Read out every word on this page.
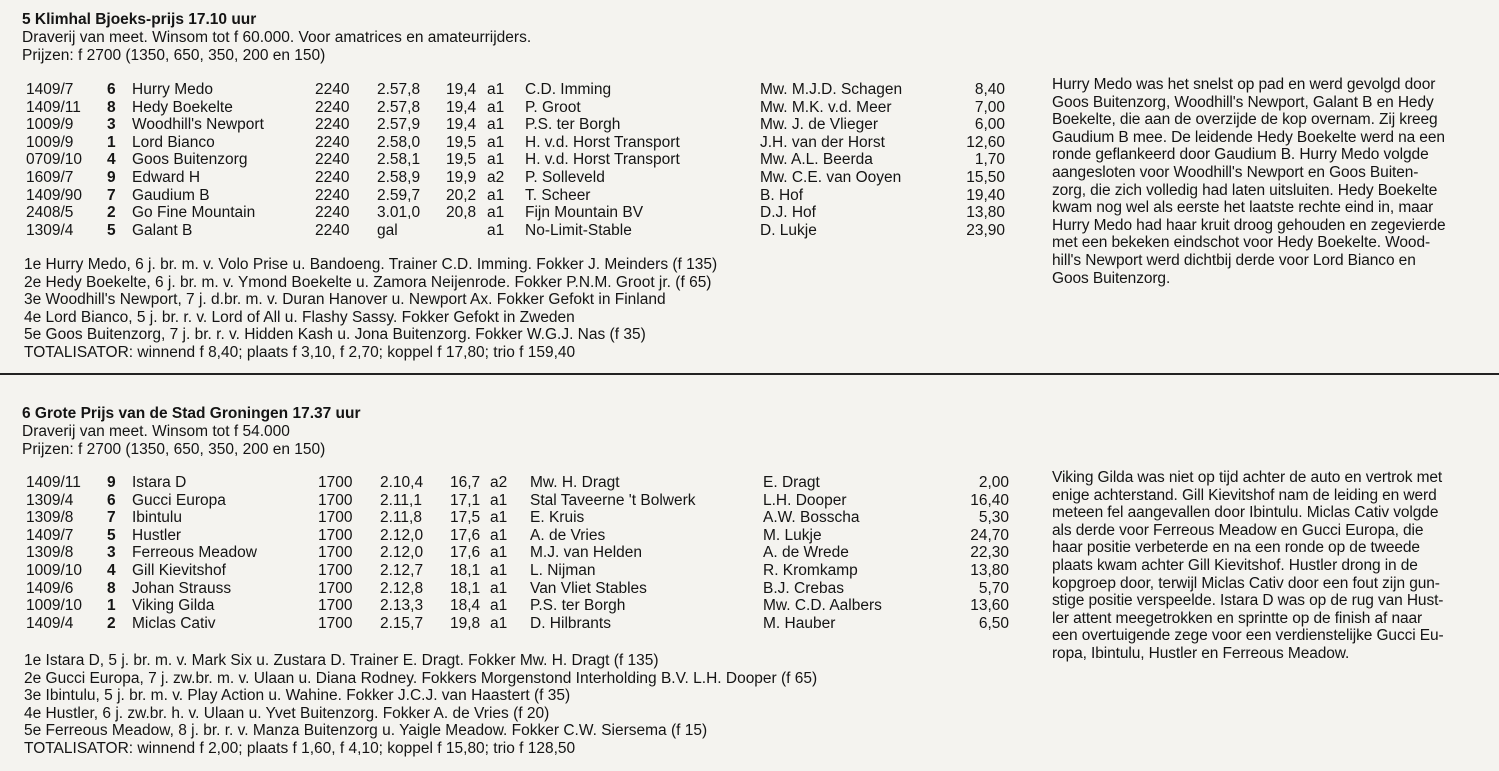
5 Klimhal Bjoeks-prijs 17.10 uur
Draverij van meet. Winsom tot f 60.000. Voor amatrices en amateurrijders.
Prijzen: f 2700 (1350, 650, 350, 200 en 150)
1409/7 6 Hurry Medo	2240 2.57,8 19,4 a1 C.D. Imming	Mw. M.J.D. Schagen	8,40
1409/11 8 Hedy Boekelte	2240 2.57,8 19,4 a1 P. Groot	Mw. M.K. v.d. Meer	7,00
1009/9 3 Woodhill's Newport	2240 2.57,9 19,4 a1 P.S. ter Borgh	Mw. J. de Vlieger	6,00
1009/9 1 Lord Bianco	2240 2.58,0 19,5 a1 H. v.d. Horst Transport	J.H. van der Horst	12,60
0709/10 4 Goos Buitenzorg	2240 2.58,1 19,5 a1 H. v.d. Horst Transport	Mw. A.L. Beerda	1,70
1609/7 9 Edward H	2240 2.58,9 19,9 a2 P. Solleveld	Mw. C.E. van Ooyen	15,50
1409/90 7 Gaudium B	2240 2.59,7 20,2 a1 T. Scheer	B. Hof	19,40
2408/5 2 Go Fine Mountain	2240 3.01,0 20,8 a1 Fijn Mountain BV	D.J. Hof	13,80
1309/4 5 Galant B	2240 gal	a1 No-Limit-Stable	D. Lukje	23,90
Hurry Medo was het snelst op pad en werd gevolgd door
Goos Buitenzorg, Woodhill's Newport, Galant B en Hedy
Boekelte, die aan de overzijde de kop overnam. Zij kreeg
Gaudium B mee. De leidende Hedy Boekelte werd na een
ronde geflankeerd door Gaudium B. Hurry Medo volgde
aangesloten voor Woodhill's Newport en Goos Buiten-
zorg, die zich volledig had laten uitsluiten. Hedy Boekelte
kwam nog wel als eerste het laatste rechte eind in, maar
Hurry Medo had haar kruit droog gehouden en zegevierde
met een bekeken eindschot voor Hedy Boekelte. Wood-
hill's Newport werd dichtbij derde voor Lord Bianco en
Goos Buitenzorg.
1e Hurry Medo, 6 j. br. m. v. Volo Prise u. Bandoeng. Trainer C.D. Imming. Fokker J. Meinders (f 135)
2e Hedy Boekelte, 6 j. br. m. v. Ymond Boekelte u. Zamora Neijenrode. Fokker P.N.M. Groot jr. (f 65)
3e Woodhill's Newport, 7 j. d.br. m. v. Duran Hanover u. Newport Ax. Fokker Gefokt in Finland
4e Lord Bianco, 5 j. br. r. v. Lord of All u. Flashy Sassy. Fokker Gefokt in Zweden
5e Goos Buitenzorg, 7 j. br. r. v. Hidden Kash u. Jona Buitenzorg. Fokker W.G.J. Nas (f 35)
TOTALISATOR: winnend f 8,40; plaats f 3,10, f 2,70; koppel f 17,80; trio f 159,40
6 Grote Prijs van de Stad Groningen 17.37 uur
Draverij van meet. Winsom tot f 54.000
Prijzen: f 2700 (1350, 650, 350, 200 en 150)
1409/11 9 Istara D	1700 2.10,4 16,7 a2 Mw. H. Dragt	E. Dragt	2,00
1309/4 6 Gucci Europa	1700 2.11,1 17,1 a1 Stal Taveerne 't Bolwerk	L.H. Dooper	16,40
1309/8 7 Ibintulu	1700 2.11,8 17,5 a1 E. Kruis	A.W. Bosscha	5,30
1409/7 5 Hustler	1700 2.12,0 17,6 a1 A. de Vries	M. Lukje	24,70
1309/8 3 Ferreous Meadow	1700 2.12,0 17,6 a1 M.J. van Helden	A. de Wrede	22,30
1009/10 4 Gill Kievitshof	1700 2.12,7 18,1 a1 L. Nijman	R. Kromkamp	13,80
1409/6 8 Johan Strauss	1700 2.12,8 18,1 a1 Van Vliet Stables	B.J. Crebas	5,70
1009/10 1 Viking Gilda	1700 2.13,3 18,4 a1 P.S. ter Borgh	Mw. C.D. Aalbers	13,60
1409/4 2 Miclas Cativ	1700 2.15,7 19,8 a1 D. Hilbrants	M. Hauber	6,50
Viking Gilda was niet op tijd achter de auto en vertrok met
enige achterstand. Gill Kievitshof nam de leiding en werd
meteen fel aangevallen door Ibintulu. Miclas Cativ volgde
als derde voor Ferreous Meadow en Gucci Europa, die
haar positie verbeterde en na een ronde op de tweede
plaats kwam achter Gill Kievitshof. Hustler drong in de
kopgroep door, terwijl Miclas Cativ door een fout zijn gun-
stige positie verspeelde. Istara D was op de rug van Hust-
ler attent meegetrokken en sprintte op de finish af naar
een overtuigende zege voor een verdienstelijke Gucci Eu-
ropa, Ibintulu, Hustler en Ferreous Meadow.
1e Istara D, 5 j. br. m. v. Mark Six u. Zustara D. Trainer E. Dragt. Fokker Mw. H. Dragt (f 135)
2e Gucci Europa, 7 j. zw.br. m. v. Ulaan u. Diana Rodney. Fokkers Morgenstond Interholding B.V. L.H. Dooper (f 65)
3e Ibintulu, 5 j. br. m. v. Play Action u. Wahine. Fokker J.C.J. van Haastert (f 35)
4e Hustler, 6 j. zw.br. h. v. Ulaan u. Yvet Buitenzorg. Fokker A. de Vries (f 20)
5e Ferreous Meadow, 8 j. br. r. v. Manza Buitenzorg u. Yaigle Meadow. Fokker C.W. Siersema (f 15)
TOTALISATOR: winnend f 2,00; plaats f 1,60, f 4,10; koppel f 15,80; trio f 128,50
